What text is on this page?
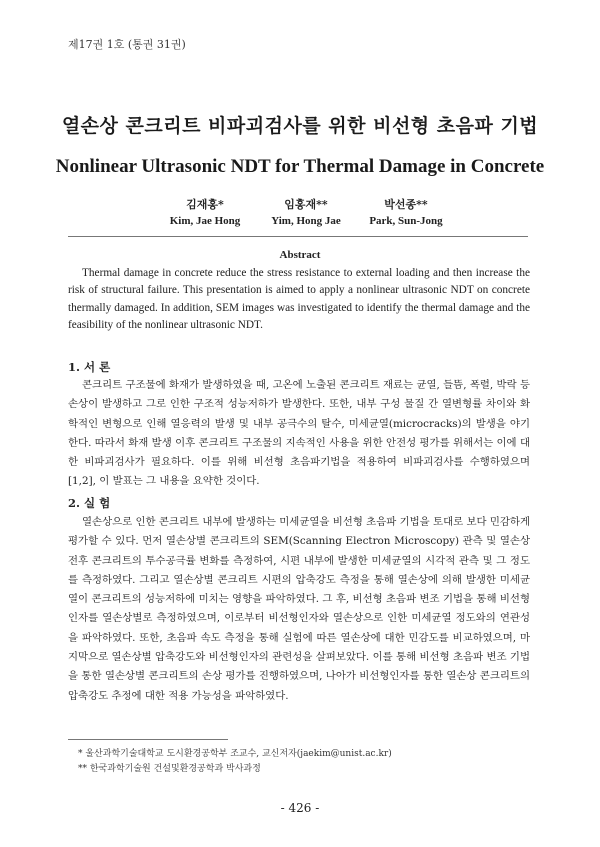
제17권 1호 (통권 31권)
열손상 콘크리트 비파괴검사를 위한 비선형 초음파 기법
Nonlinear Ultrasonic NDT for Thermal Damage in Concrete
김재홍*
Kim, Jae Hong
임홍재**
Yim, Hong Jae
박선종**
Park, Sun-Jong
Abstract
Thermal damage in concrete reduce the stress resistance to external loading and then increase the risk of structural failure. This presentation is aimed to apply a nonlinear ultrasonic NDT on concrete thermally damaged. In addition, SEM images was investigated to identify the thermal damage and the feasibility of the nonlinear ultrasonic NDT.
1. 서 론
콘크리트 구조물에 화재가 발생하였을 때, 고온에 노출된 콘크리트 재료는 균열, 들뜸, 폭렬, 박락 등 손상이 발생하고 그로 인한 구조적 성능저하가 발생한다. 또한, 내부 구성 물질 간 열변형률 차이와 화학적인 변형으로 인해 열응력의 발생 및 내부 공극수의 탈수, 미세균열(microcracks)의 발생을 야기한다. 따라서 화재 발생 이후 콘크리트 구조물의 지속적인 사용을 위한 안전성 평가를 위해서는 이에 대한 비파괴검사가 필요하다. 이를 위해 비선형 초음파기법을 적용하여 비파괴검사를 수행하였으며[1,2], 이 발표는 그 내용을 요약한 것이다.
2. 실 험
열손상으로 인한 콘크리트 내부에 발생하는 미세균열을 비선형 초음파 기법을 토대로 보다 민감하게 평가할 수 있다. 먼저 열손상별 콘크리트의 SEM(Scanning Electron Microscopy) 관측 및 열손상 전후 콘크리트의 투수공극률 변화를 측정하여, 시편 내부에 발생한 미세균열의 시각적 관측 및 그 정도를 측정하였다. 그리고 열손상별 콘크리트 시편의 압축강도 측정을 통해 열손상에 의해 발생한 미세균열이 콘크리트의 성능저하에 미치는 영향을 파악하였다. 그 후, 비선형 초음파 변조 기법을 통해 비선형인자를 열손상별로 측정하였으며, 이로부터 비선형인자와 열손상으로 인한 미세균열 정도와의 연관성을 파악하였다. 또한, 초음파 속도 측정을 통해 실험에 따른 열손상에 대한 민감도를 비교하였으며, 마지막으로 열손상별 압축강도와 비선형인자의 관련성을 살펴보았다. 이를 통해 비선형 초음파 변조 기법을 통한 열손상별 콘크리트의 손상 평가를 진행하였으며, 나아가 비선형인자를 통한 열손상 콘크리트의 압축강도 추정에 대한 적용 가능성을 파악하였다.
* 울산과학기술대학교 도시환경공학부 조교수, 교신저자(jaekim@unist.ac.kr)
** 한국과학기술원 건설및환경공학과 박사과정
- 426 -
